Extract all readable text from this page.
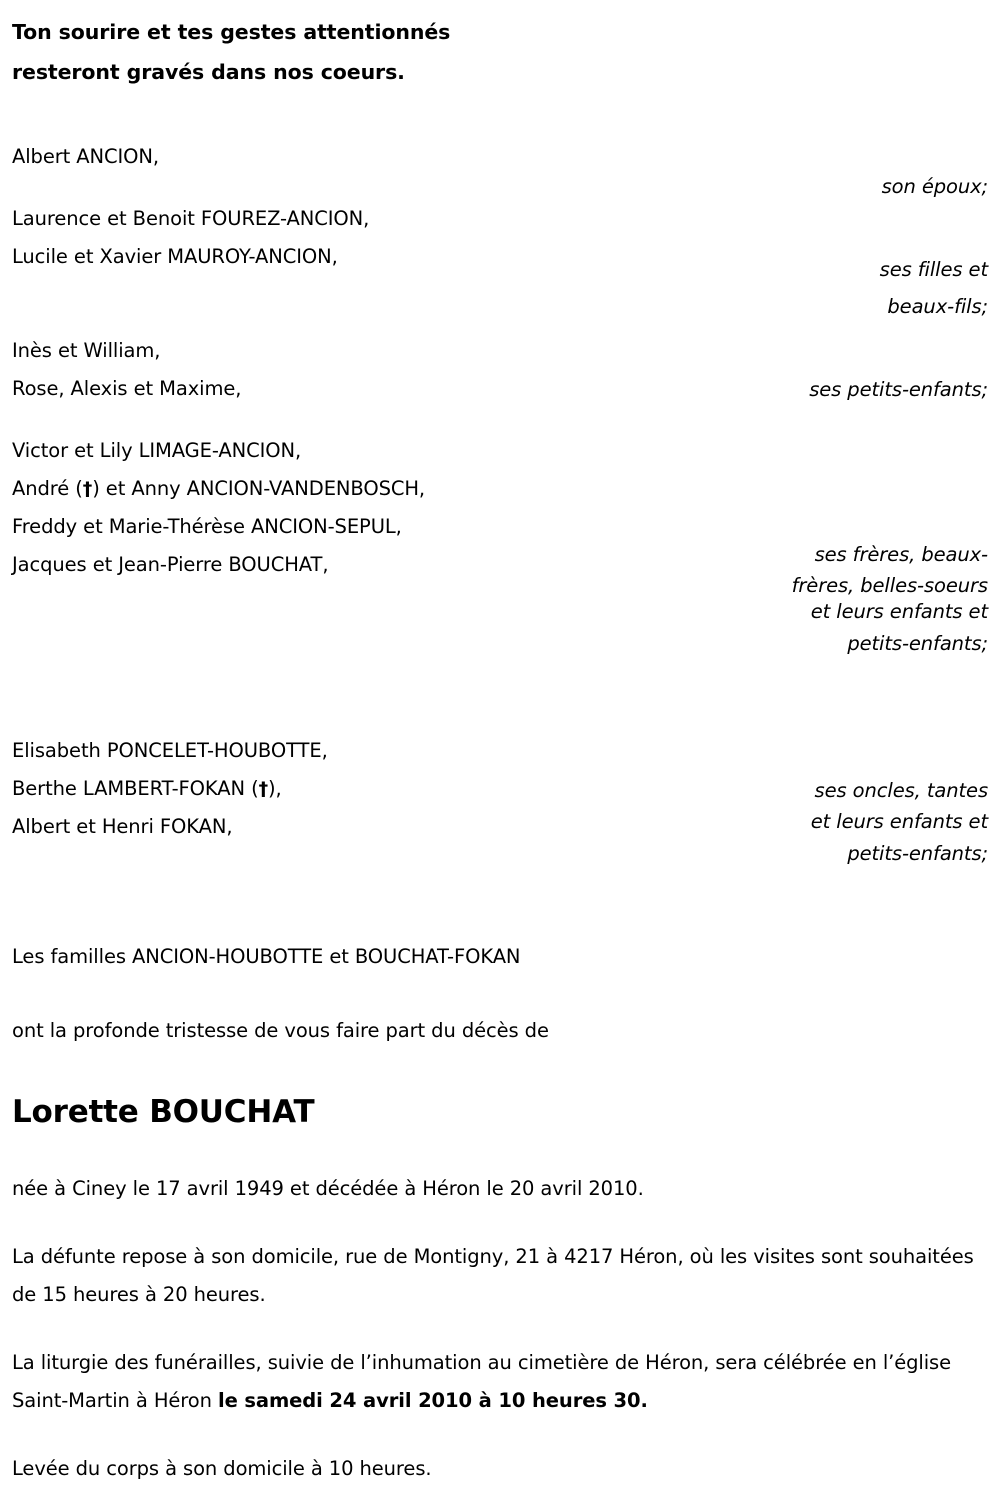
Ton sourire et tes gestes attentionnés
resteront gravés dans nos coeurs.
Albert ANCION,
Laurence et Benoit FOUREZ-ANCION,
Lucile et Xavier MAUROY-ANCION,
Inès et William,
Rose, Alexis et Maxime,
Victor et Lily LIMAGE-ANCION,
André (†) et Anny ANCION-VANDENBOSCH,
Freddy et Marie-Thérèse ANCION-SEPUL,
Jacques et Jean-Pierre BOUCHAT,
Elisabeth PONCELET-HOUBOTTE,
Berthe LAMBERT-FOKAN (†),
Albert et Henri FOKAN,
son époux;
ses filles et
beaux-fils;
ses petits-enfants;
ses frères, beaux-
frères, belles-soeurs
et leurs enfants et
petits-enfants;
ses oncles, tantes
et leurs enfants et
petits-enfants;

Les familles ANCION-HOUBOTTE et BOUCHAT-FOKAN

ont la profonde tristesse de vous faire part du décès de

Lorette BOUCHAT

née à Ciney le 17 avril 1949 et décédée à Héron le 20 avril 2010.

La défunte repose à son domicile, rue de Montigny, 21 à 4217 Héron, où les visites sont souhaitées de 15 heures à 20 heures.

La liturgie des funérailles, suivie de l’inhumation au cimetière de Héron, sera célébrée en l’église Saint-Martin à Héron le samedi 24 avril 2010 à 10 heures 30.

Levée du corps à son domicile à 10 heures.
